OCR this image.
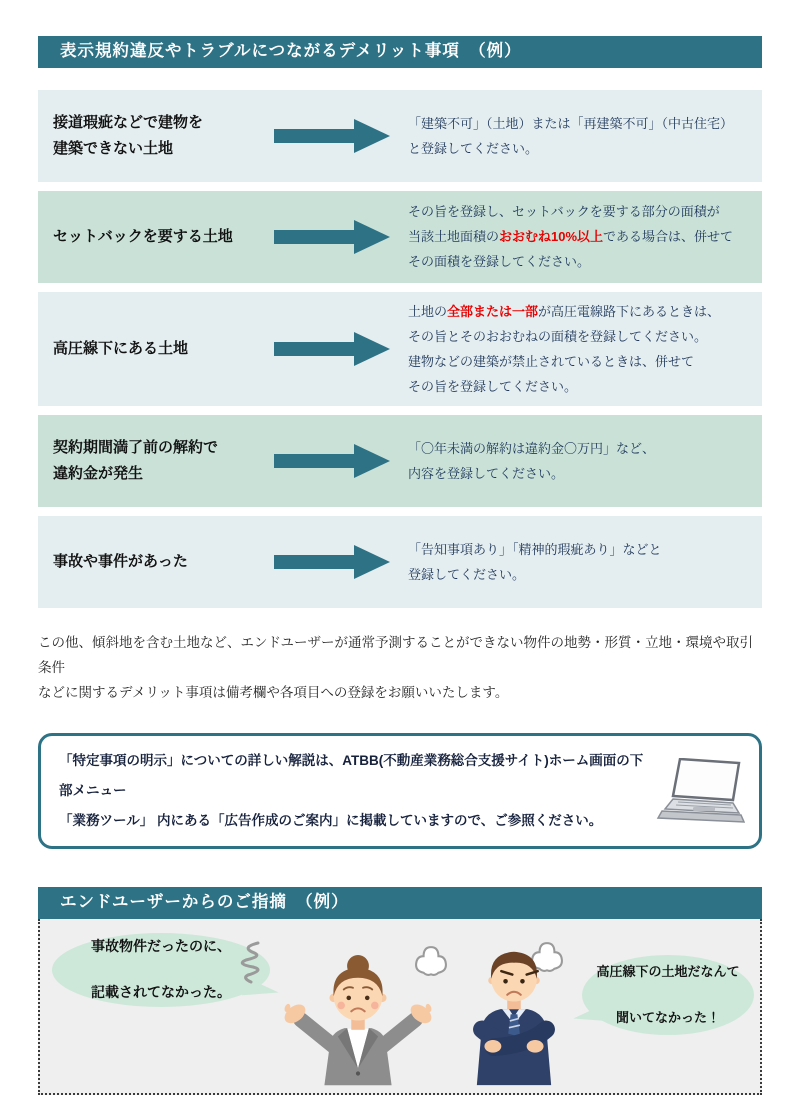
表示規約違反やトラブルにつながるデメリット事項　（例）
接道瑕疵などで建物を
建築できない土地
「建築不可」（土地）または「再建築不可」（中古住宅）
と登録してください。
セットバックを要する土地
その旨を登録し、セットバックを要する部分の面積が
当該土地面積のおおむね10%以上である場合は、併せて
その面積を登録してください。
高圧線下にある土地
土地の全部または一部が高圧電線路下にあるときは、
その旨とそのおおむねの面積を登録してください。
建物などの建築が禁止されているときは、併せて
その旨を登録してください。
契約期間満了前の解約で
違約金が発生
「〇年未満の解約は違約金〇万円」など、
内容を登録してください。
事故や事件があった
「告知事項あり」「精神的瑕疵あり」などと
登録してください。

この他、傾斜地を含む土地など、エンドユーザーが通常予測することができない物件の地勢・形質・立地・環境や取引条件
などに関するデメリット事項は備考欄や各項目への登録をお願いいたします。

「特定事項の明示」についての詳しい解説は、ATBB(不動産業務総合支援サイト)ホーム画面の下部メニュー
「業務ツール」 内にある「広告作成のご案内」に掲載していますので、ご参照ください。
エンドユーザーからのご指摘　（例）
事故物件だったのに、

記載されてなかった。
高圧線下の土地だなんて

聞いてなかった！
